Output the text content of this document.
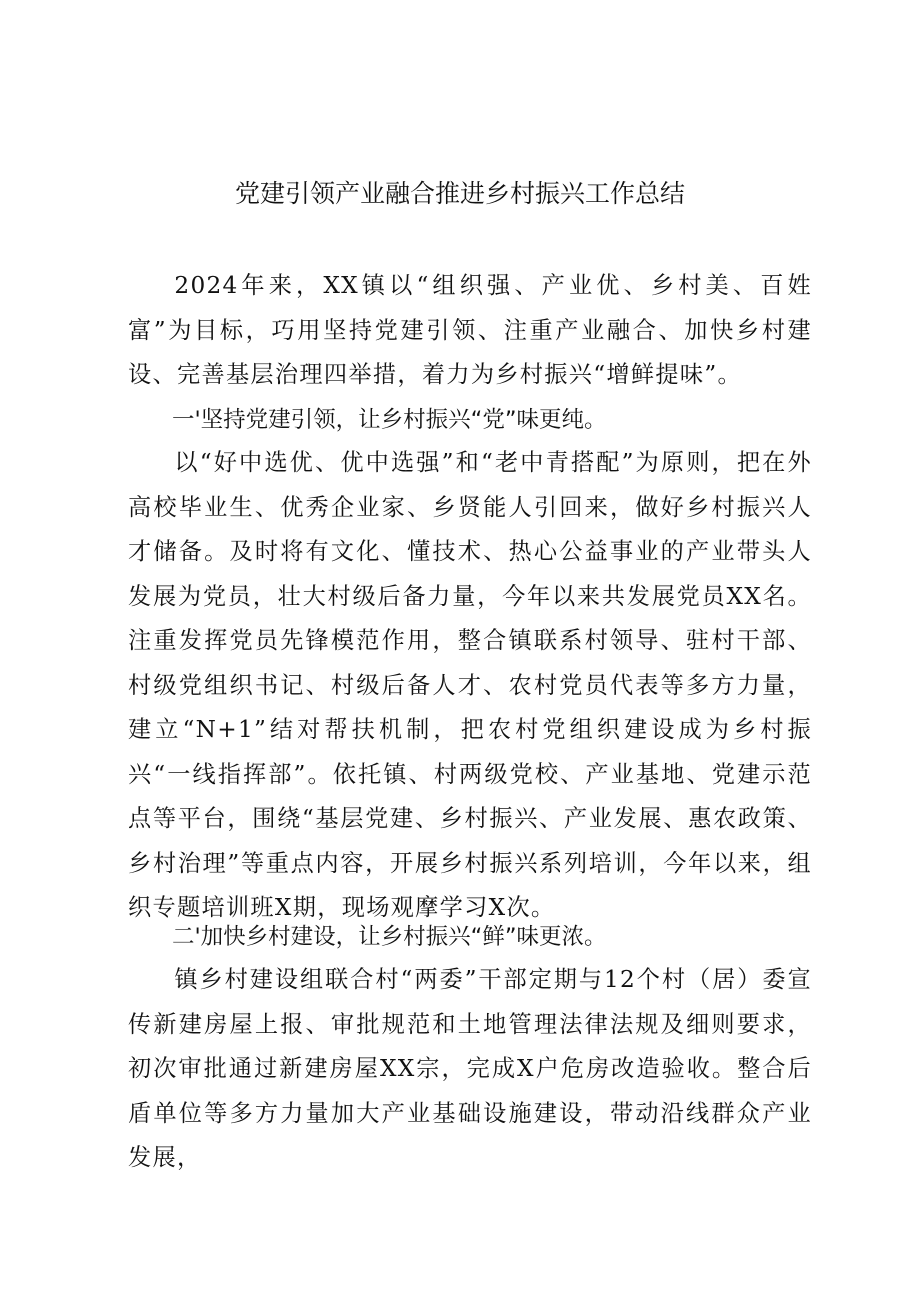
党建引领产业融合推进乡村振兴工作总结
2024年来，XX镇以“组织强、产业优、乡村美、百姓富”为目标，巧用坚持党建引领、注重产业融合、加快乡村建设、完善基层治理四举措，着力为乡村振兴“增鲜提味”。
一'坚持党建引领，让乡村振兴“党”味更纯。
以“好中选优、优中选强”和“老中青搭配”为原则，把在外高校毕业生、优秀企业家、乡贤能人引回来，做好乡村振兴人才储备。及时将有文化、懂技术、热心公益事业的产业带头人发展为党员，壮大村级后备力量，今年以来共发展党员XX名。注重发挥党员先锋模范作用，整合镇联系村领导、驻村干部、村级党组织书记、村级后备人才、农村党员代表等多方力量，建立“N+1”结对帮扶机制，把农村党组织建设成为乡村振兴“一线指挥部”。依托镇、村两级党校、产业基地、党建示范点等平台，围绕“基层党建、乡村振兴、产业发展、惠农政策、乡村治理”等重点内容，开展乡村振兴系列培训，今年以来，组织专题培训班X期，现场观摩学习X次。
二'加快乡村建设，让乡村振兴“鲜”味更浓。
镇乡村建设组联合村“两委”干部定期与12个村（居）委宣传新建房屋上报、审批规范和土地管理法律法规及细则要求，初次审批通过新建房屋XX宗，完成X户危房改造验收。整合后盾单位等多方力量加大产业基础设施建设，带动沿线群众产业发展，
